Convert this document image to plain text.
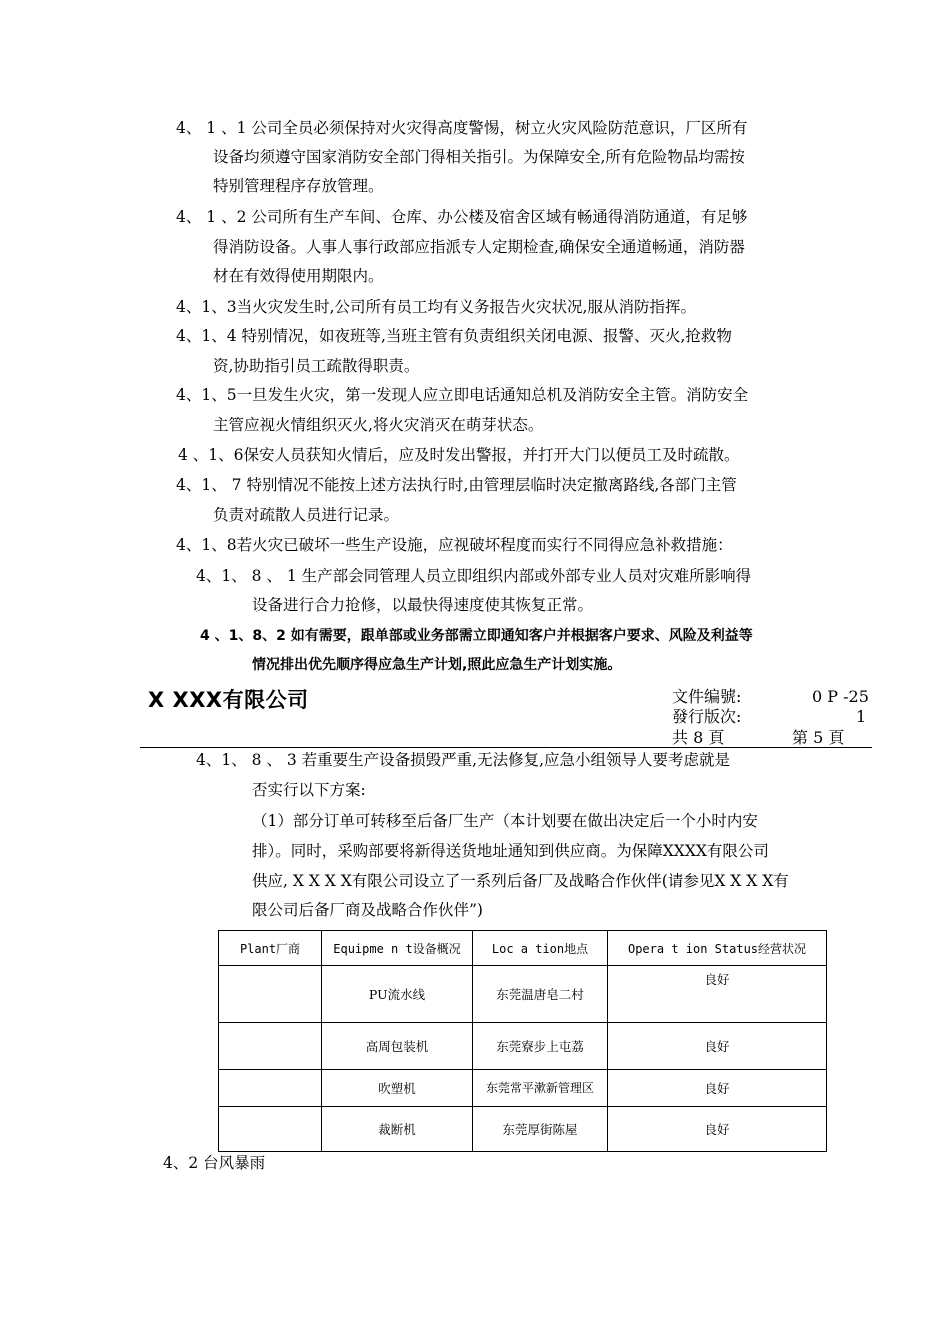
4、 1 、1 公司全员必须保持对火灾得高度警惕，树立火灾风险防范意识，厂区所有
设备均须遵守国家消防安全部门得相关指引。为保障安全,所有危险物品均需按
特别管理程序存放管理。
4、 1 、2 公司所有生产车间、仓库、办公楼及宿舍区域有畅通得消防通道，有足够
得消防设备。人事人事行政部应指派专人定期检查,确保安全通道畅通，消防器
材在有效得使用期限内。
4、1、3当火灾发生时,公司所有员工均有义务报告火灾状况,服从消防指挥。
4、1、4 特别情况，如夜班等,当班主管有负责组织关闭电源、报警、灭火,抢救物
资,协助指引员工疏散得职责。
4、1、5一旦发生火灾，第一发现人应立即电话通知总机及消防安全主管。消防安全
主管应视火情组织灭火,将火灾消灭在萌芽状态。
4 、1、6保安人员获知火情后，应及时发出警报，并打开大门以便员工及时疏散。
4、1、 7 特别情况不能按上述方法执行时,由管理层临时决定撤离路线,各部门主管
负责对疏散人员进行记录。
4、1、8若火灾已破坏一些生产设施，应视破坏程度而实行不同得应急补救措施：
4、1、 8 、 1 生产部会同管理人员立即组织内部或外部专业人员对灾难所影响得
设备进行合力抢修，以最快得速度使其恢复正常。
4 、1、8、2 如有需要，跟单部或业务部需立即通知客户并根据客户要求、风险及利益等
情况排出优先顺序得应急生产计划,照此应急生产计划实施。
X XXX有限公司	文件编號:	0 P -25
發行版次:	1
共 8 頁	第 5 頁
4、1、 8 、 3 若重要生产设备损毁严重,无法修复,应急小组领导人要考虑就是
否实行以下方案:
（1）部分订单可转移至后备厂生产（本计划要在做出决定后一个小时内安
排）。同时，采购部要将新得送货地址通知到供应商。为保障XXXX有限公司
供应, X X X X有限公司设立了一系列后备厂及战略合作伙伴(请参见X X X X有
限公司后备厂商及战略合作伙伴”)
Plant厂商	Equipme n t设备概况	Loc a tion地点	Opera t ion Status经营状况
	PU流水线	东莞温唐皂二村	良好
	高周包装机	东莞寮步上屯荔	良好
	吹塑机	东莞常平漱新管理区	良好
	裁断机	东莞厚街陈屋	良好
4、2 台风暴雨
